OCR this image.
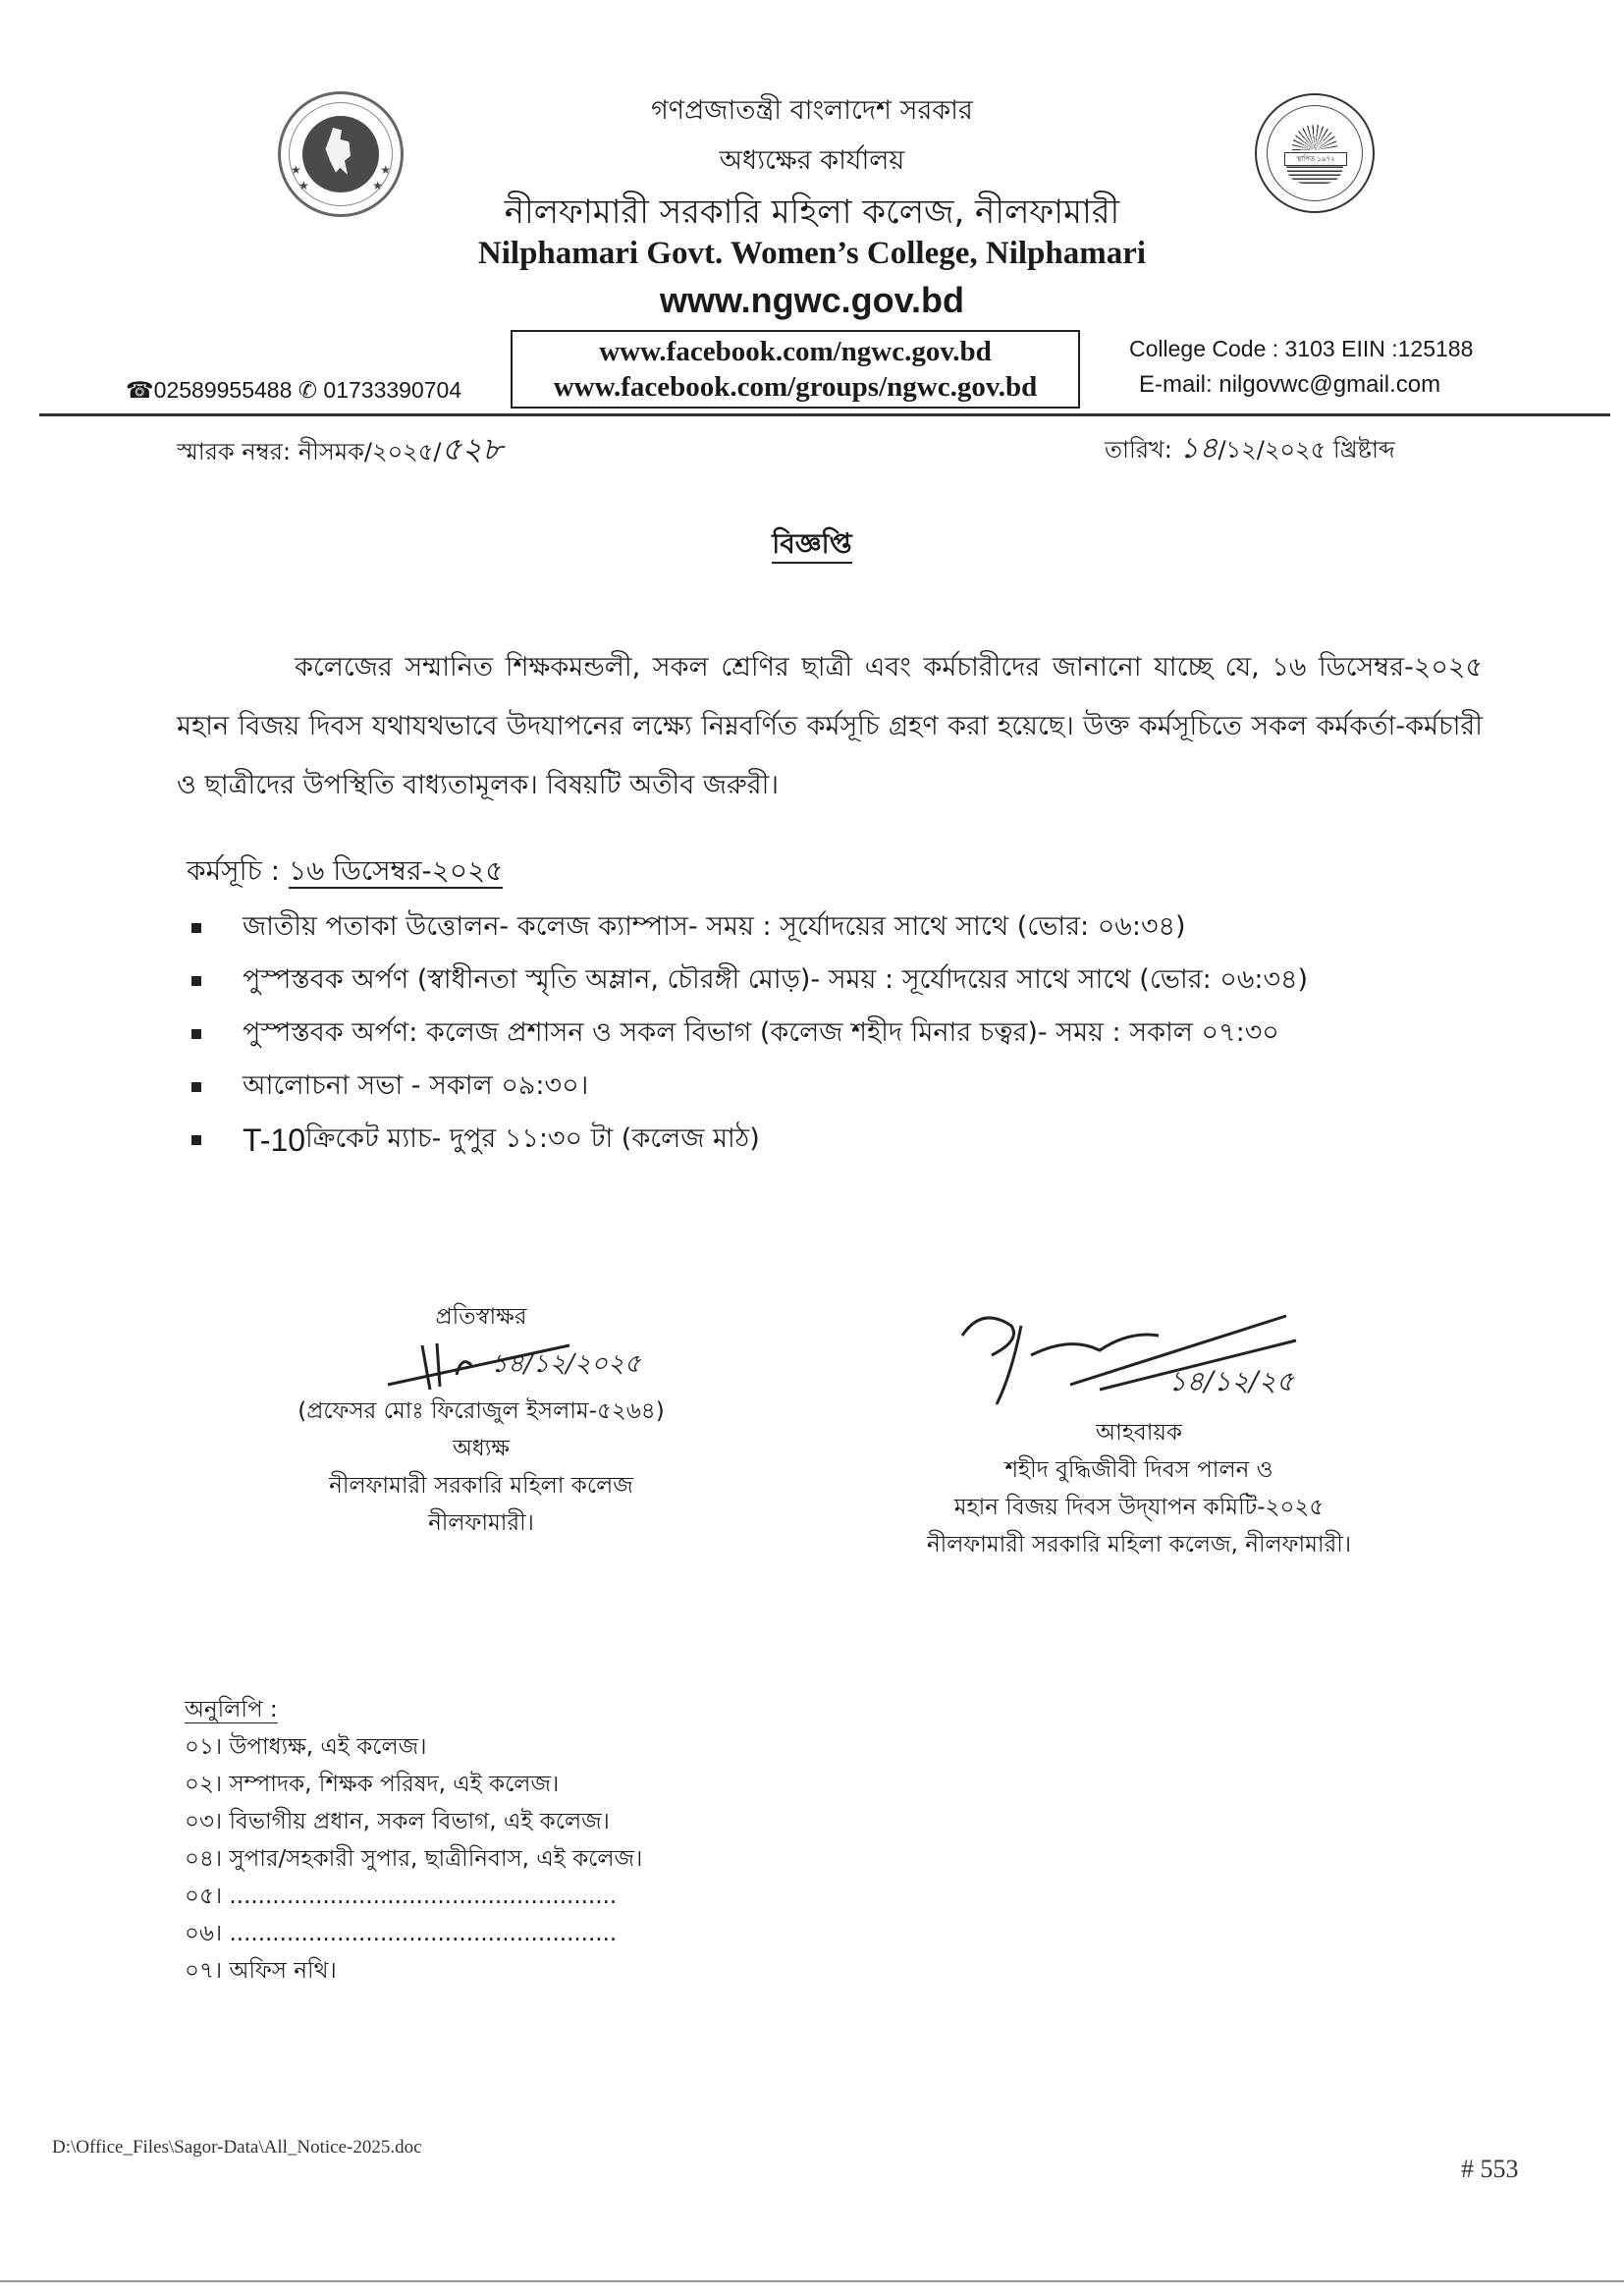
★
★
★
★
স্থাপিত ১৯৭২
গণপ্রজাতন্ত্রী বাংলাদেশ সরকার
অধ্যক্ষের কার্যালয়
নীলফামারী সরকারি মহিলা কলেজ, নীলফামারী
Nilphamari Govt. Women’s College, Nilphamari
www.ngwc.gov.bd
www.facebook.com/ngwc.gov.bd
www.facebook.com/groups/ngwc.gov.bd
☎02589955488 ✆ 01733390704
College Code : 3103 EIIN :125188
E-mail: nilgovwc@gmail.com
স্মারক নম্বর: নীসমক/২০২৫/৫২৮	তারিখ: ১৪/১২/২০২৫ খ্রিষ্টাব্দ
বিজ্ঞপ্তি
কলেজের সম্মানিত শিক্ষকমন্ডলী, সকল শ্রেণির ছাত্রী এবং কর্মচারীদের জানানো যাচ্ছে যে, ১৬ ডিসেম্বর-২০২৫ মহান বিজয় দিবস যথাযথভাবে উদযাপনের লক্ষ্যে নিম্নবর্ণিত কর্মসূচি গ্রহণ করা হয়েছে। উক্ত কর্মসূচিতে সকল কর্মকর্তা-কর্মচারী ও ছাত্রীদের উপস্থিতি বাধ্যতামূলক। বিষয়টি অতীব জরুরী।
কর্মসূচি : ১৬ ডিসেম্বর-২০২৫
জাতীয় পতাকা উত্তোলন- কলেজ ক্যাম্পাস- সময় : সূর্যোদয়ের সাথে সাথে (ভোর: ০৬:৩৪)
পুস্পস্তবক অর্পণ (স্বাধীনতা স্মৃতি অম্লান, চৌরঙ্গী মোড়)- সময় : সূর্যোদয়ের সাথে সাথে (ভোর: ০৬:৩৪)
পুস্পস্তবক অর্পণ: কলেজ প্রশাসন ও সকল বিভাগ (কলেজ শহীদ মিনার চত্বর)- সময় : সকাল ০৭:৩০
আলোচনা সভা - সকাল ০৯:৩০।
T-10 ক্রিকেট ম্যাচ- দুপুর ১১:৩০ টা (কলেজ মাঠ)
প্রতিস্বাক্ষর
১৪/১২/২০২৫
(প্রফেসর মোঃ ফিরোজুল ইসলাম-৫২৬৪)
অধ্যক্ষ
নীলফামারী সরকারি মহিলা কলেজ
নীলফামারী।
১৪/১২/২৫
আহবায়ক
শহীদ বুদ্ধিজীবী দিবস পালন ও
মহান বিজয় দিবস উদ্‌যাপন কমিটি-২০২৫
নীলফামারী সরকারি মহিলা কলেজ, নীলফামারী।
অনুলিপি :
০১। উপাধ্যক্ষ, এই কলেজ।
০২। সম্পাদক, শিক্ষক পরিষদ, এই কলেজ।
০৩। বিভাগীয় প্রধান, সকল বিভাগ, এই কলেজ।
০৪। সুপার/সহকারী সুপার, ছাত্রীনিবাস, এই কলেজ।
০৫। ......................................................
০৬। ......................................................
০৭। অফিস নথি।
D:\Office_Files\Sagor-Data\All_Notice-2025.doc
# 553
